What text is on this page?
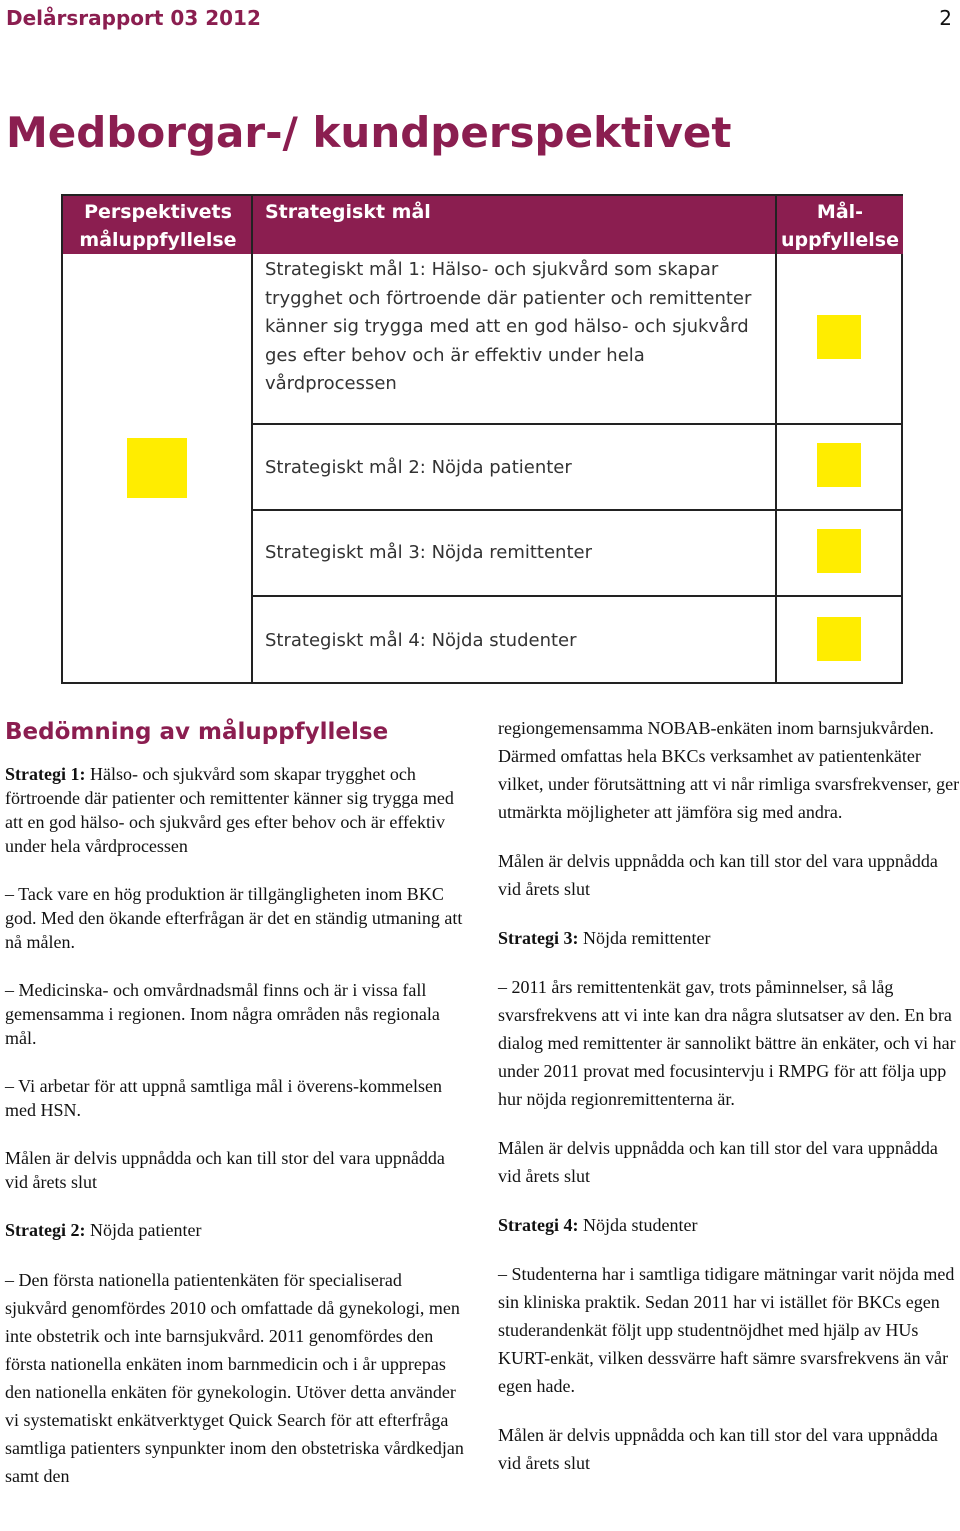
Delårsrapport 03 2012	2
Medborgar-/ kundperspektivet
Perspektivets måluppfyllelse
Strategiskt mål	Mål-uppfyllelse
Strategiskt mål 1: Hälso- och sjukvård som skapar trygghet och förtroende där patienter och remittenter känner sig trygga med att en god hälso- och sjukvård ges efter behov och är effektiv under hela vårdprocessen
Strategiskt mål 2: Nöjda patienter
Strategiskt mål 3: Nöjda remittenter
Strategiskt mål 4: Nöjda studenter
Bedömning av måluppfyllelse

Strategi 1: Hälso- och sjukvård som skapar trygghet och förtroende där patienter och remittenter känner sig trygga med att en god hälso- och sjukvård ges efter behov och är effektiv under hela vårdprocessen

– Tack vare en hög produktion är tillgängligheten inom BKC god. Med den ökande efterfrågan är det en ständig utmaning att nå målen.

– Medicinska- och omvårdnadsmål finns och är i vissa fall gemensamma i regionen. Inom några områden nås regionala mål.

– Vi arbetar för att uppnå samtliga mål i överens-kommelsen med HSN.

Målen är delvis uppnådda och kan till stor del vara uppnådda vid årets slut

Strategi 2: Nöjda patienter

– Den första nationella patientenkäten för specialiserad sjukvård genomfördes 2010 och omfattade då gynekologi, men inte obstetrik och inte barnsjukvård. 2011 genomfördes den första nationella enkäten inom barnmedicin och i år upprepas den nationella enkäten för gynekologin. Utöver detta använder vi systematiskt enkätverktyget Quick Search för att efterfråga samtliga patienters synpunkter inom den obstetriska vårdkedjan samt den

regiongemensamma NOBAB-enkäten inom barnsjukvården. Därmed omfattas hela BKCs verksamhet av patientenkäter vilket, under förutsättning att vi når rimliga svarsfrekvenser, ger utmärkta möjligheter att jämföra sig med andra.

Målen är delvis uppnådda och kan till stor del vara uppnådda vid årets slut

Strategi 3: Nöjda remittenter

– 2011 års remittentenkät gav, trots påminnelser, så låg svarsfrekvens att vi inte kan dra några slutsatser av den. En bra dialog med remittenter är sannolikt bättre än enkäter, och vi har under 2011 provat med focusintervju i RMPG för att följa upp hur nöjda regionremittenterna är.

Målen är delvis uppnådda och kan till stor del vara uppnådda vid årets slut

Strategi 4: Nöjda studenter

– Studenterna har i samtliga tidigare mätningar varit nöjda med sin kliniska praktik. Sedan 2011 har vi istället för BKCs egen studerandenkät följt upp studentnöjdhet med hjälp av HUs KURT-enkät, vilken dessvärre haft sämre svarsfrekvens än vår egen hade.

Målen är delvis uppnådda och kan till stor del vara uppnådda vid årets slut
